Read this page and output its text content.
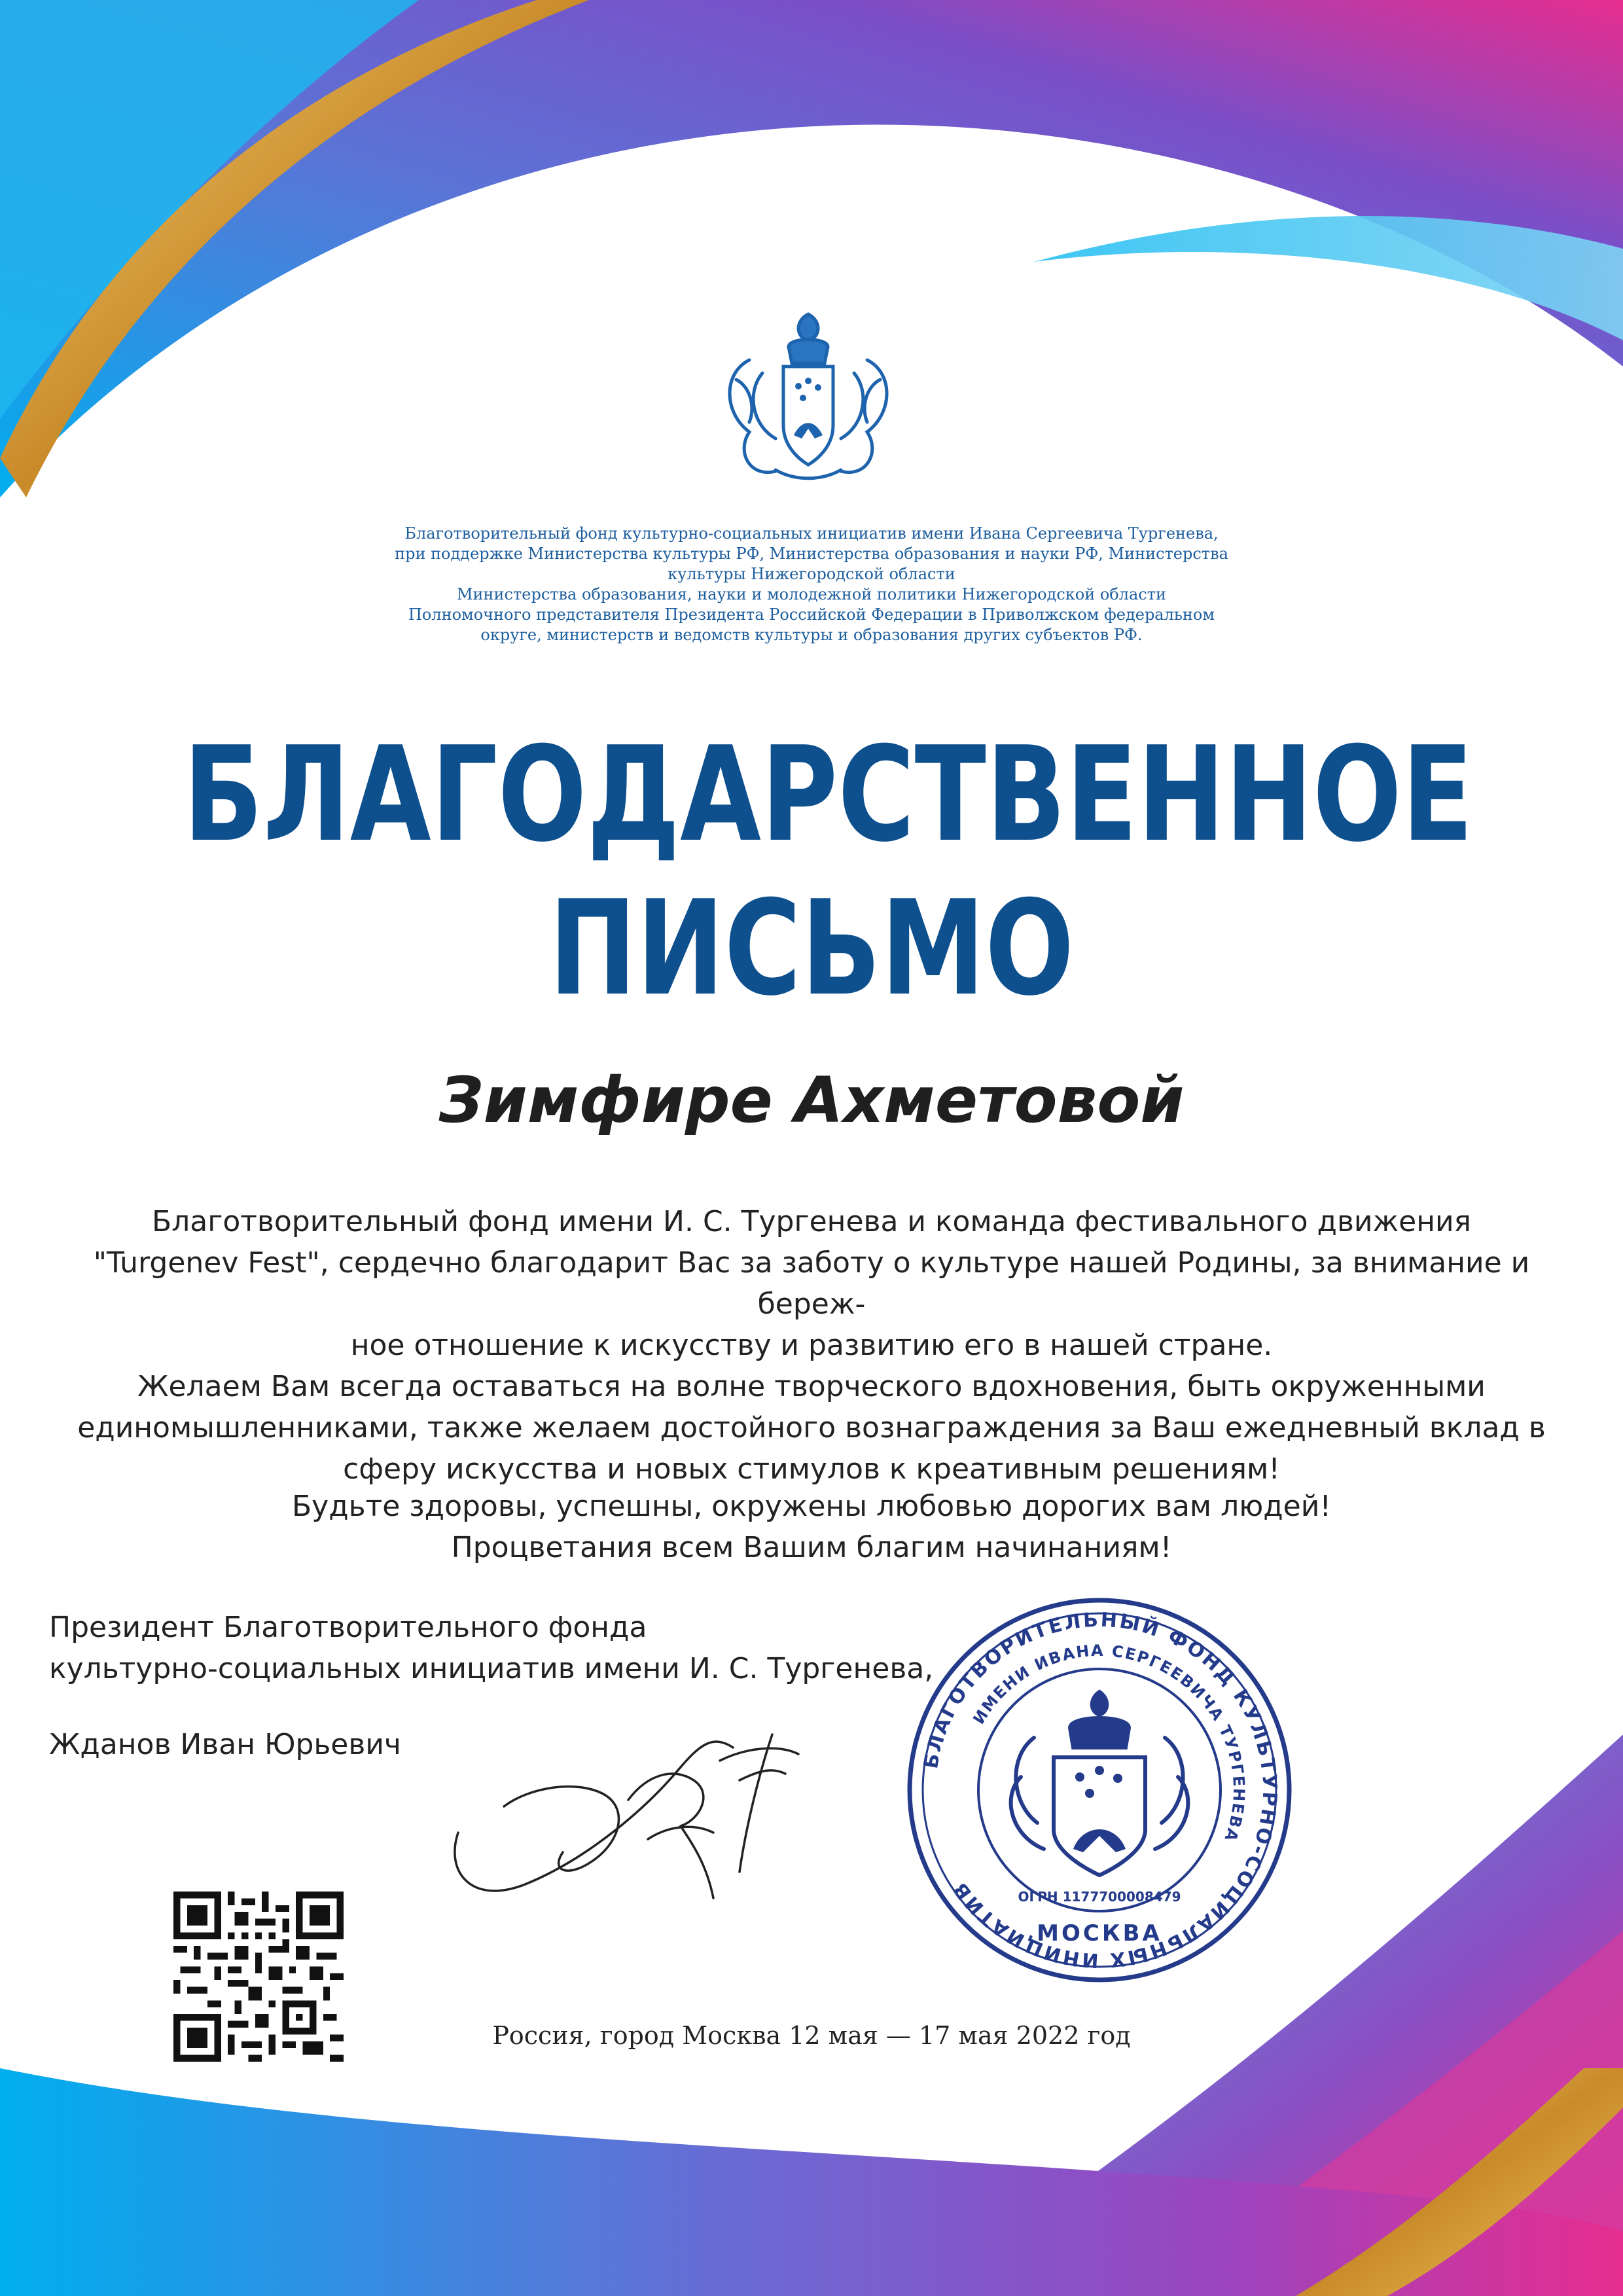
Благотворительный фонд культурно-социальных инициатив имени Ивана Сергеевича Тургенева,
при поддержке Министерства культуры РФ, Министерства образования и науки РФ, Министерства
культуры Нижегородской области
Министерства образования, науки и молодежной политики Нижегородской области
Полномочного представителя Президента Российской Федерации в Приволжском федеральном
округе, министерств и ведомств культуры и образования других субъектов РФ.
БЛАГОДАРСТВЕННОЕ
ПИСЬМО
Зимфире Ахметовой
Благотворительный фонд имени И. С. Тургенева и команда фестивального движения
"Turgenev Fest", сердечно благодарит Вас за заботу о культуре нашей Родины, за внимание и береж-
ное отношение к искусству и развитию его в нашей стране.
Желаем Вам всегда оставаться на волне творческого вдохновения, быть окруженными
единомышленниками, также желаем достойного вознаграждения за Ваш ежедневный вклад в
сферу искусства и новых стимулов к креативным решениям!
Будьте здоровы, успешны, окружены любовью дорогих вам людей!
Процветания всем Вашим благим начинаниям!
Президент Благотворительного фонда
культурно-социальных инициатив имени И. С. Тургенева,
Жданов Иван Юрьевич	БЛАГОТВОРИТЕЛЬНЫЙ ФОНД КУЛЬТУРНО-СОЦИАЛЬНЫХ ИНИЦИАТИВ
ИМЕНИ ИВАНА СЕРГЕЕВИЧА ТУРГЕНЕВА
МОСКВА
ОГРН 1177700008479
Россия, город Москва 12 мая — 17 мая 2022 год
